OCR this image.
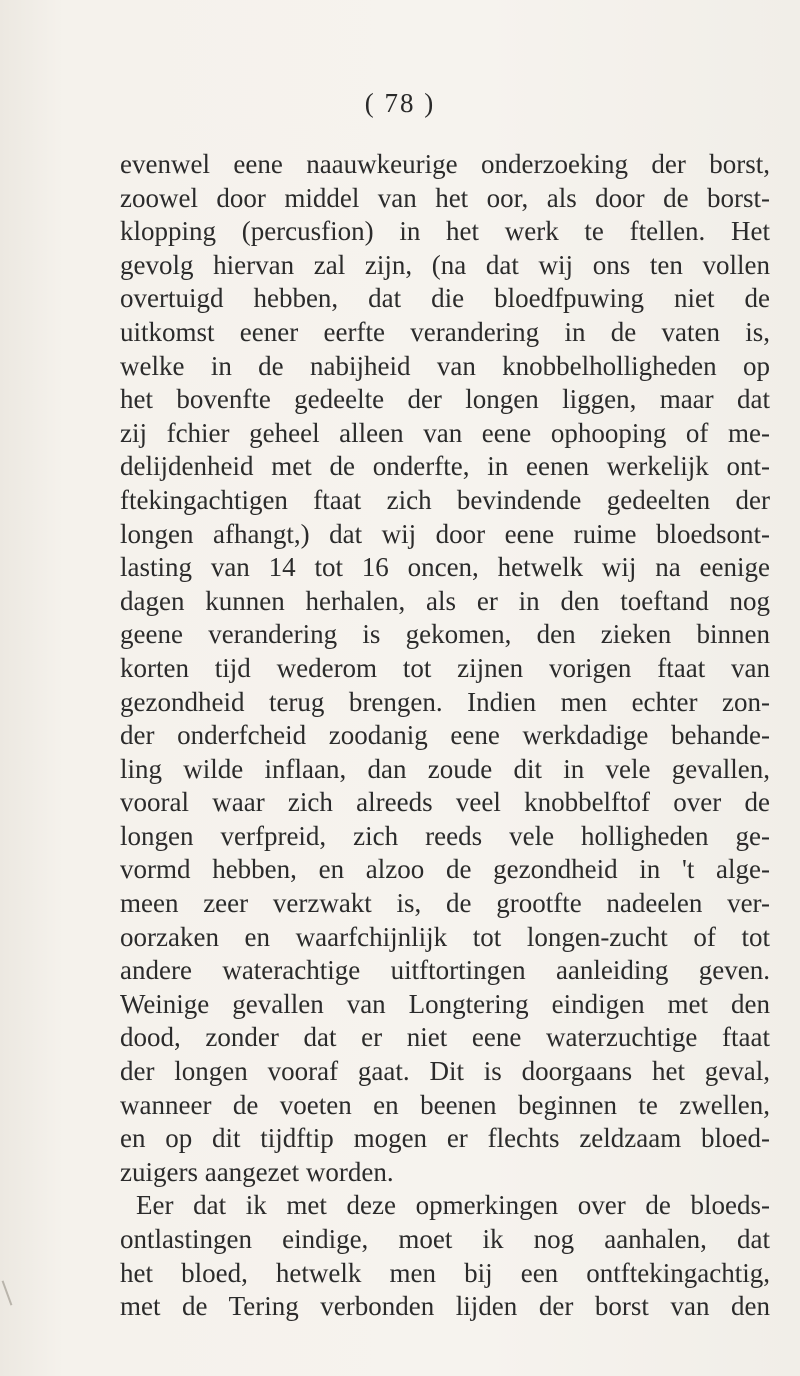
( 78 )
evenwel eene naauwkeurige onderzoeking der borst,
zoowel door middel van het oor, als door de borst-
klopping (percusfion) in het werk te ftellen. Het
gevolg hiervan zal zijn, (na dat wij ons ten vollen
overtuigd hebben, dat die bloedfpuwing niet de
uitkomst eener eerfte verandering in de vaten is,
welke in de nabijheid van knobbelholligheden op
het bovenfte gedeelte der longen liggen, maar dat
zij fchier geheel alleen van eene ophooping of me-
delijdenheid met de onderfte, in eenen werkelijk ont-
ftekingachtigen ftaat zich bevindende gedeelten der
longen afhangt,) dat wij door eene ruime bloedsont-
lasting van 14 tot 16 oncen, hetwelk wij na eenige
dagen kunnen herhalen, als er in den toeftand nog
geene verandering is gekomen, den zieken binnen
korten tijd wederom tot zijnen vorigen ftaat van
gezondheid terug brengen. Indien men echter zon-
der onderfcheid zoodanig eene werkdadige behande-
ling wilde inflaan, dan zoude dit in vele gevallen,
vooral waar zich alreeds veel knobbelftof over de
longen verfpreid, zich reeds vele holligheden ge-
vormd hebben, en alzoo de gezondheid in 't alge-
meen zeer verzwakt is, de grootfte nadeelen ver-
oorzaken en waarfchijnlijk tot longen-zucht of tot
andere waterachtige uitftortingen aanleiding geven.
Weinige gevallen van Longtering eindigen met den
dood, zonder dat er niet eene waterzuchtige ftaat
der longen vooraf gaat. Dit is doorgaans het geval,
wanneer de voeten en beenen beginnen te zwellen,
en op dit tijdftip mogen er flechts zeldzaam bloed-
zuigers aangezet worden.
Eer dat ik met deze opmerkingen over de bloeds-
ontlastingen eindige, moet ik nog aanhalen, dat
het bloed, hetwelk men bij een ontftekingachtig,
met de Tering verbonden lijden der borst van den
